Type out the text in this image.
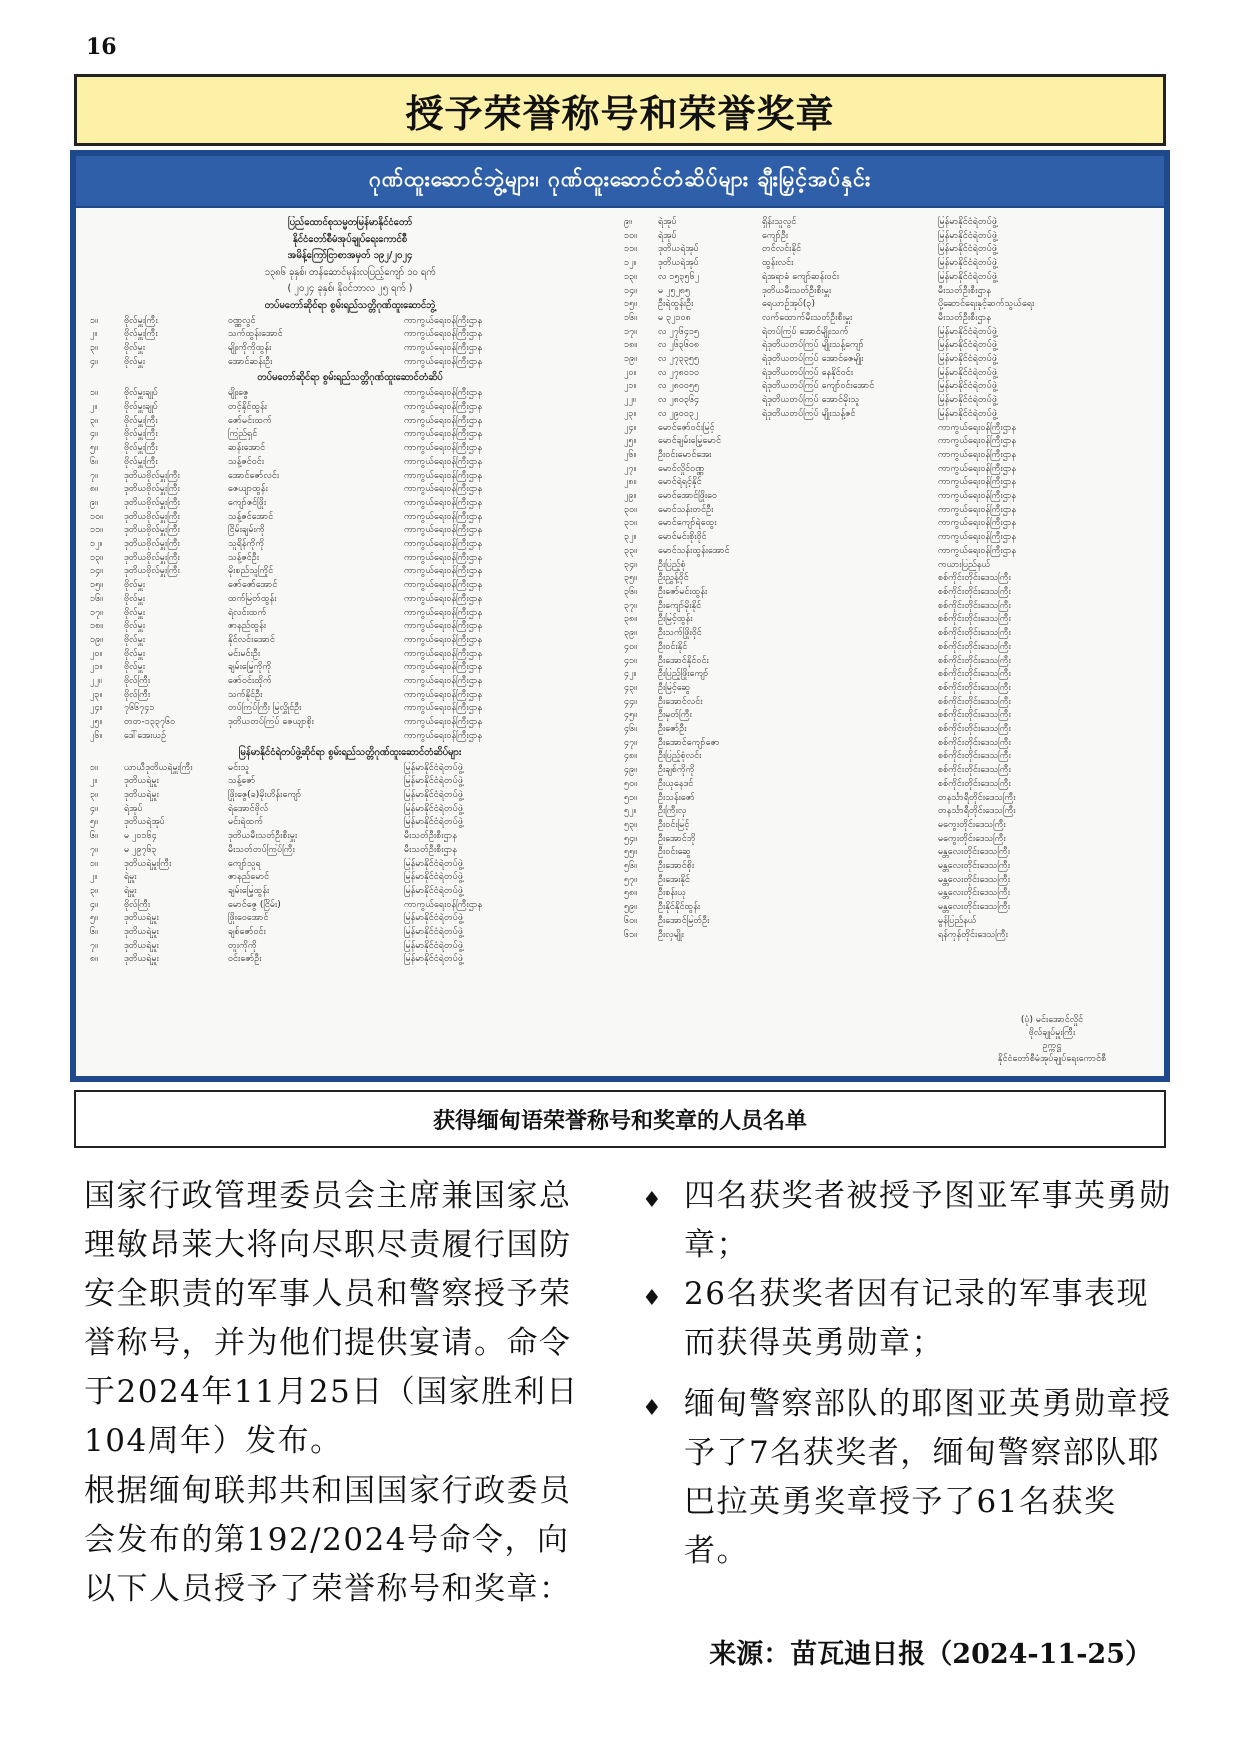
16
授予荣誉称号和荣誉奖章
ဂုဏ်ထူးဆောင်ဘွဲ့များ၊ ဂုဏ်ထူးဆောင်တံဆိပ်များ ချီးမြှင့်အပ်နှင်း
ပြည်ထောင်စုသမ္မတမြန်မာနိုင်ငံတော်
နိုင်ငံတော်စီမံအုပ်ချုပ်ရေးကောင်စီ
အမိန့်ကြော်ငြာစာအမှတ် ၁၉၂/၂၀၂၄
၁၃၈၆ ခုနှစ်၊ တန်ဆောင်မုန်းလပြည့်ကျော် ၁၀ ရက်
( ၂၀၂၄ ခုနှစ်၊ နိုဝင်ဘာလ ၂၅ ရက် )
တပ်မတော်ဆိုင်ရာ စွမ်းရည်သတ္တိဂုဏ်ထူးဆောင်ဘွဲ့
၁။	ဗိုလ်မှူးကြီး	ဝဏ္ဏလွင်	ကာကွယ်ရေးဝန်ကြီးဌာန
၂။	ဗိုလ်မှူးကြီး	သက်ထွန်းအောင်	ကာကွယ်ရေးဝန်ကြီးဌာန
၃။	ဗိုလ်မှူး	မျိုးကိုကိုထွန်း	ကာကွယ်ရေးဝန်ကြီးဌာန
၄။	ဗိုလ်မှူး	အောင်ဆန်းဦး	ကာကွယ်ရေးဝန်ကြီးဌာန
တပ်မတော်ဆိုင်ရာ စွမ်းရည်သတ္တိဂုဏ်ထူးဆောင်တံဆိပ်
၁။	ဗိုလ်မှူးချုပ်	မျိုးဇွေ	ကာကွယ်ရေးဝန်ကြီးဌာန
၂။	ဗိုလ်မှူးချုပ်	တင့်နိုင်ထွန်း	ကာကွယ်ရေးဝန်ကြီးဌာန
၃။	ဗိုလ်မှူးကြီး	ဇော်မင်းထက်	ကာကွယ်ရေးဝန်ကြီးဌာန
၄။	ဗိုလ်မှူးကြီး	ကြည်ရှင်	ကာကွယ်ရေးဝန်ကြီးဌာန
၅။	ဗိုလ်မှူးကြီး	ဆန်းအောင်	ကာကွယ်ရေးဝန်ကြီးဌာန
၆။	ဗိုလ်မှူးကြီး	သန့်ဇင်ဝင်း	ကာကွယ်ရေးဝန်ကြီးဌာန
၇။	ဒုတိယဗိုလ်မှူးကြီး	အောင်ဇော်လင်း	ကာကွယ်ရေးဝန်ကြီးဌာန
၈။	ဒုတိယဗိုလ်မှူးကြီး	ဇေယျာထွန်း	ကာကွယ်ရေးဝန်ကြီးဌာန
၉။	ဒုတိယဗိုလ်မှူးကြီး	ကျော်ဇင်ဖြိုး	ကာကွယ်ရေးဝန်ကြီးဌာန
၁၀။	ဒုတိယဗိုလ်မှူးကြီး	သန့်ဇင်အောင်	ကာကွယ်ရေးဝန်ကြီးဌာန
၁၁။	ဒုတိယဗိုလ်မှူးကြီး	ငြိမ်းချမ်းကို	ကာကွယ်ရေးဝန်ကြီးဌာန
၁၂။	ဒုတိယဗိုလ်မှူးကြီး	သူရိန်ကိုကို	ကာကွယ်ရေးဝန်ကြီးဌာန
၁၃။	ဒုတိယဗိုလ်မှူးကြီး	သန့်ဇင်ဦး	ကာကွယ်ရေးဝန်ကြီးဌာန
၁၄။	ဒုတိယဗိုလ်မှူးကြီး	မိုးစည်သူကြိုင်	ကာကွယ်ရေးဝန်ကြီးဌာန
၁၅။	ဗိုလ်မှူး	ဇော်ဇော်အောင်	ကာကွယ်ရေးဝန်ကြီးဌာန
၁၆။	ဗိုလ်မှူး	ထက်မြတ်ထွန်း	ကာကွယ်ရေးဝန်ကြီးဌာန
၁၇။	ဗိုလ်မှူး	ရဲလင်းထက်	ကာကွယ်ရေးဝန်ကြီးဌာန
၁၈။	ဗိုလ်မှူး	ဇာနည်ထွန်း	ကာကွယ်ရေးဝန်ကြီးဌာန
၁၉။	ဗိုလ်မှူး	နိုင်လင်းအောင်	ကာကွယ်ရေးဝန်ကြီးဌာန
၂၀။	ဗိုလ်မှူး	မင်းမင်းဦး	ကာကွယ်ရေးဝန်ကြီးဌာန
၂၁။	ဗိုလ်မှူး	ချမ်းမြေ့ကိုကို	ကာကွယ်ရေးဝန်ကြီးဌာန
၂၂။	ဗိုလ်ကြီး	ဇော်ဝင်းထိုက်	ကာကွယ်ရေးဝန်ကြီးဌာန
၂၃။	ဗိုလ်ကြီး	သက်နိုင်ဦး	ကာကွယ်ရေးဝန်ကြီးဌာန
၂၄။	၇၆၆၇၄၁	တပ်ကြပ်ကြီး မြလွှိုင်ဦး	ကာကွယ်ရေးဝန်ကြီးဌာန
၂၅။	တတ-၁၃၃၇၆၀	ဒုတိယတပ်ကြပ် ဇေယျာစိုး	ကာကွယ်ရေးဝန်ကြီးဌာန
၂၆။	ဒေါ်အေးယဉ်	ကာကွယ်ရေးဝန်ကြီးဌာန
မြန်မာနိုင်ငံရဲတပ်ဖွဲ့ဆိုင်ရာ စွမ်းရည်သတ္တိဂုဏ်ထူးဆောင်တံဆိပ်များ
၁။	ယာယီဒုတိယရဲမှူးကြီး	မင်းသူ	မြန်မာနိုင်ငံရဲတပ်ဖွဲ့
၂။	ဒုတိယရဲမှူး	သန့်ဇော်	မြန်မာနိုင်ငံရဲတပ်ဖွဲ့
၃။	ဒုတိယရဲမှူး	ဖြိုးဇွေ(ခ)မိုးဟိန်းကျော်	မြန်မာနိုင်ငံရဲတပ်ဖွဲ့
၄။	ရဲအုပ်	ရဲအောင်ဗိုလ်	မြန်မာနိုင်ငံရဲတပ်ဖွဲ့
၅။	ဒုတိယရဲအုပ်	မင်းရဲထက်	မြန်မာနိုင်ငံရဲတပ်ဖွဲ့
၆။	မ ၂၀၁၆၄	ဒုတိယမီးသတ်ဦးစီးမှူး	မီးသတ်ဦးစီးဌာန
၇။	မ ၂၉၇၆၃	မီးသတ်တပ်ကြပ်ကြီး	မီးသတ်ဦးစီးဌာန
၁။	ဒုတိယရဲမှူးကြီး	ကျော်သူရ	မြန်မာနိုင်ငံရဲတပ်ဖွဲ့
၂။	ရဲမှူး	ဇာနည်မောင်	မြန်မာနိုင်ငံရဲတပ်ဖွဲ့
၃။	ရဲမှူး	ချမ်းမြေ့ထွန်း	မြန်မာနိုင်ငံရဲတပ်ဖွဲ့
၄။	ဗိုလ်ကြီး	မောင်ဇွေ (ငြိမ်း)	ကာကွယ်ရေးဝန်ကြီးဌာန
၅။	ဒုတိယရဲမှူး	ဖြိုးဝေအောင်	မြန်မာနိုင်ငံရဲတပ်ဖွဲ့
၆။	ဒုတိယရဲမှူး	ချစ်ဇော်ဝင်း	မြန်မာနိုင်ငံရဲတပ်ဖွဲ့
၇။	ဒုတိယရဲမှူး	တူးကိုကို	မြန်မာနိုင်ငံရဲတပ်ဖွဲ့
၈။	ဒုတိယရဲမှူး	ဝင်းဇော်ဦး	မြန်မာနိုင်ငံရဲတပ်ဖွဲ့
၉။	ရဲအုပ်	ရှိန်းသူလွင်	မြန်မာနိုင်ငံရဲတပ်ဖွဲ့
၁၀။	ရဲအုပ်	ကျော်ဦး	မြန်မာနိုင်ငံရဲတပ်ဖွဲ့
၁၁။	ဒုတိယရဲအုပ်	တင်လင်းနိုင်	မြန်မာနိုင်ငံရဲတပ်ဖွဲ့
၁၂။	ဒုတိယရဲအုပ်	ထွန်းလင်း	မြန်မာနိုင်ငံရဲတပ်ဖွဲ့
၁၃။	လ ၁၅၃၅၆၂	ရဲအရာခံ ကျော်ဆန်းဝင်း	မြန်မာနိုင်ငံရဲတပ်ဖွဲ့
၁၄။	မ ၂၅၂၈၅	ဒုတိယမီးသတ်ဦးစီးမှူး	မီးသတ်ဦးစီးဌာန
၁၅။	ဦးရဲထွန်းဦး	ရေယာဉ်အုပ်(၃)	ပို့ဆောင်ရေးနှင့်ဆက်သွယ်ရေး
၁၆။	မ ၃၂၁၀၈	လက်ထောက်မီးသတ်ဦးစီးမှူး	မီးသတ်ဦးစီးဌာန
၁၇။	လ ၂၇၆၄၁၅	ရဲတပ်ကြပ် အောင်မျိုးသက်	မြန်မာနိုင်ငံရဲတပ်ဖွဲ့
၁၈။	လ ၂၆၃၆၀၈	ရဲဒုတိယတပ်ကြပ် မျိုးသန့်ကျော်	မြန်မာနိုင်ငံရဲတပ်ဖွဲ့
၁၉။	လ ၂၇၃၃၅၅	ရဲဒုတိယတပ်ကြပ် အောင်ဇေမျိုး	မြန်မာနိုင်ငံရဲတပ်ဖွဲ့
၂၀။	လ ၂၇၈၀၁၀	ရဲဒုတိယတပ်ကြပ် နေနိုင်ဝင်း	မြန်မာနိုင်ငံရဲတပ်ဖွဲ့
၂၁။	လ ၂၈၀၀၅၅	ရဲဒုတိယတပ်ကြပ် ကျော်ဝင်းအောင်	မြန်မာနိုင်ငံရဲတပ်ဖွဲ့
၂၂။	လ ၂၈၀၃၆၄	ရဲဒုတိယတပ်ကြပ် အောင်မိုးသူ	မြန်မာနိုင်ငံရဲတပ်ဖွဲ့
၂၃။	လ ၂၉၀၀၃၂	ရဲဒုတိယတပ်ကြပ် မျိုးသန့်ဇင်	မြန်မာနိုင်ငံရဲတပ်ဖွဲ့
၂၄။	မောင်ဇော်ဝင်းမြင့်	ကာကွယ်ရေးဝန်ကြီးဌာန
၂၅။	မောင်ချမ်းမြေ့မောင်	ကာကွယ်ရေးဝန်ကြီးဌာန
၂၆။	ဦးဝင်းမောင်အေး	ကာကွယ်ရေးဝန်ကြီးဌာန
၂၇။	မောင်လှိုင်ဝဏ္ဏ	ကာကွယ်ရေးဝန်ကြီးဌာန
၂၈။	မောင်ရဲရင့်နိုင်	ကာကွယ်ရေးဝန်ကြီးဌာန
၂၉။	မောင်အောင်ဖြိုးဝေ	ကာကွယ်ရေးဝန်ကြီးဌာန
၃၀။	မောင်သန်းတင်ဦး	ကာကွယ်ရေးဝန်ကြီးဌာန
၃၁။	မောင်ကျော်ရဲထွေး	ကာကွယ်ရေးဝန်ကြီးဌာန
၃၂။	မောင်မင်းစိုးဝိုင်	ကာကွယ်ရေးဝန်ကြီးဌာန
၃၃။	မောင်သန်းထွန်းအောင်	ကာကွယ်ရေးဝန်ကြီးဌာန
၃၄။	ဦးပြည့်စုံ	ကယားပြည်နယ်
၃၅။	ဦးညွှန့်ဝိုင်	စစ်ကိုင်းတိုင်းဒေသကြီး
၃၆။	ဦးဇော်မင်းထွန်း	စစ်ကိုင်းတိုင်းဒေသကြီး
၃၇။	ဦးကျော်မိုးနိုင်	စစ်ကိုင်းတိုင်းဒေသကြီး
၃၈။	ဦးမြင့်ထွန်း	စစ်ကိုင်းတိုင်းဒေသကြီး
၃၉။	ဦးသက်ဖြိုးဝိုင်	စစ်ကိုင်းတိုင်းဒေသကြီး
၄၀။	ဦးဝင်းနိုင်	စစ်ကိုင်းတိုင်းဒေသကြီး
၄၁။	ဦးအောင်နိုင်ဝင်း	စစ်ကိုင်းတိုင်းဒေသကြီး
၄၂။	ဦးပြည့်ဖြိုးကျော်	စစ်ကိုင်းတိုင်းဒေသကြီး
၄၃။	ဦးမြင့်ဆွေ	စစ်ကိုင်းတိုင်းဒေသကြီး
၄၄။	ဦးအောင်လင်း	စစ်ကိုင်းတိုင်းဒေသကြီး
၄၅။	ဦးမှတ်ကြီး	စစ်ကိုင်းတိုင်းဒေသကြီး
၄၆။	ဦးဇော်ဦး	စစ်ကိုင်းတိုင်းဒေသကြီး
၄၇။	ဦးအောင်ကျော်ဇော	စစ်ကိုင်းတိုင်းဒေသကြီး
၄၈။	ဦးပြည့်စုံလင်း	စစ်ကိုင်းတိုင်းဒေသကြီး
၄၉။	ဦးချစ်ကိုကို	စစ်ကိုင်းတိုင်းဒေသကြီး
၅၀။	ဦးယုနေဒင်	စစ်ကိုင်းတိုင်းဒေသကြီး
၅၁။	ဦးသန်းဇော်	တနင်္သာရီတိုင်းဒေသကြီး
၅၂။	ဦးကြီးလှ	တနင်္သာရီတိုင်းဒေသကြီး
၅၃။	ဦးဝင်းမြင့်	မကွေးတိုင်းဒေသကြီး
၅၄။	ဦးအောင်ဘို	မကွေးတိုင်းဒေသကြီး
၅၅။	ဦးဝင်းဆွေ	မန္တလေးတိုင်းဒေသကြီး
၅၆။	ဦးအောင်စိုး	မန္တလေးတိုင်းဒေသကြီး
၅၇။	ဦးအေးနိုင်	မန္တလေးတိုင်းဒေသကြီး
၅၈။	ဦးစန်းယု	မန္တလေးတိုင်းဒေသကြီး
၅၉။	ဦးနိုင်နိုင်ထွန်း	မန္တလေးတိုင်းဒေသကြီး
၆၀။	ဦးအောင်မြတ်ဦး	မွန်ပြည်နယ်
၆၁။	ဦးလှမျိုး	ရန်ကုန်တိုင်းဒေသကြီး
(ပုံ) မင်းအောင်လှိုင်
ဗိုလ်ချုပ်မှူးကြီး
ဥက္ကဋ္ဌ
နိုင်ငံတော်စီမံအုပ်ချုပ်ရေးကောင်စီ
获得缅甸语荣誉称号和奖章的人员名单

国家行政管理委员会主席兼国家总理敏昂莱大将向尽职尽责履行国防安全职责的军事人员和警察授予荣誉称号，并为他们提供宴请。命令于2024年11月25日（国家胜利日104周年）发布。

根据缅甸联邦共和国国家行政委员会发布的第192/2024号命令，向以下人员授予了荣誉称号和奖章：

♦ 四名获奖者被授予图亚军事英勇勋章；
♦ 26名获奖者因有记录的军事表现而获得英勇勋章；
♦ 缅甸警察部队的耶图亚英勇勋章授予了7名获奖者，缅甸警察部队耶巴拉英勇奖章授予了61名获奖者。
来源：苗瓦迪日报（2024-11-25）
